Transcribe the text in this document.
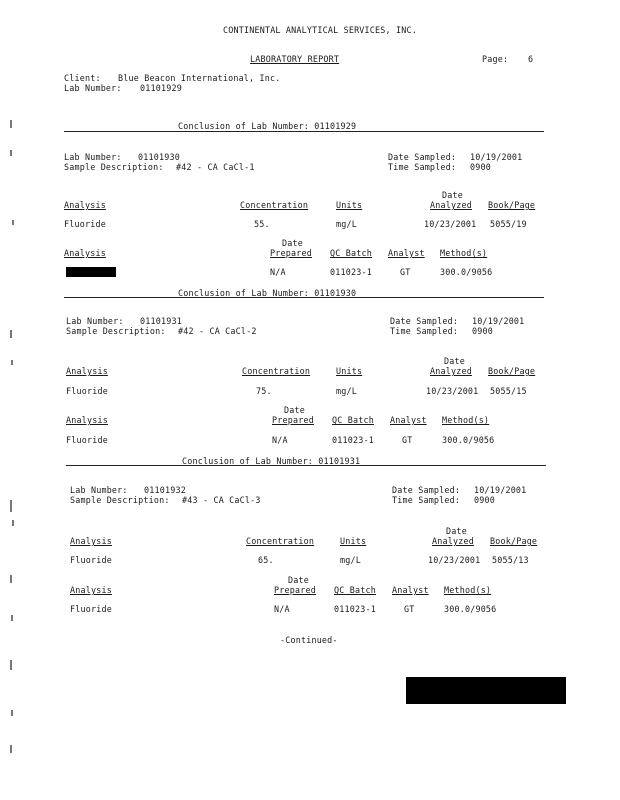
CONTINENTAL ANALYTICAL SERVICES, INC.
LABORATORY REPORT	Page: 6
Client: Blue Beacon International, Inc.
Lab Number: 01101929
Conclusion of Lab Number: 01101929
Lab Number: 01101930
Sample Description: #42 - CA CaCl-1
Date Sampled: 10/19/2001
Time Sampled: 0900
Date
Analysis	Concentration	Units	Analyzed Book/Page
Fluoride	55.	mg/L	10/23/2001 5055/19
Date
Analysis	Prepared QC Batch Analyst Method(s)
N/A	011023-1	GT	300.0/9056
Conclusion of Lab Number: 01101930
Lab Number: 01101931
Sample Description: #42 - CA CaCl-2
Date Sampled: 10/19/2001
Time Sampled: 0900
Date
Analysis	Concentration	Units	Analyzed Book/Page
Fluoride	75.	mg/L	10/23/2001 5055/15
Date
Analysis	Prepared QC Batch Analyst Method(s)
Fluoride	N/A	011023-1	GT	300.0/9056
Conclusion of Lab Number: 01101931
Lab Number: 01101932
Sample Description: #43 - CA CaCl-3
Date Sampled: 10/19/2001
Time Sampled: 0900
Date
Analysis	Concentration	Units	Analyzed Book/Page
Fluoride	65.	mg/L	10/23/2001 5055/13
Date
Analysis	Prepared QC Batch Analyst Method(s)
Fluoride	N/A	011023-1	GT	300.0/9056
-Continued-
